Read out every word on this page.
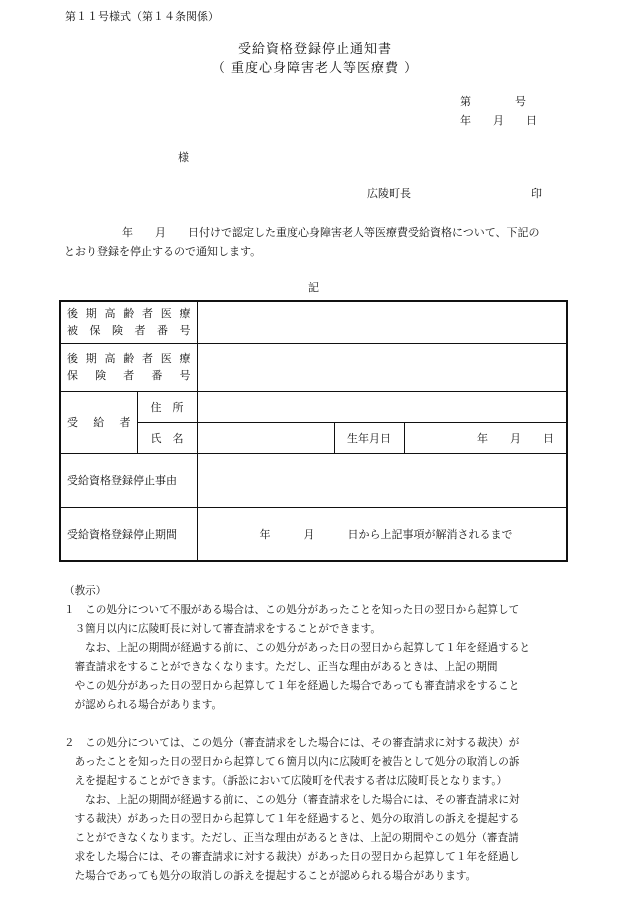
第１１号様式（第１４条関係）
受給資格登録停止通知書
（ 重度心身障害老人等医療費 ）
第　　　　号
年　　月　　日
様
広陵町長	印
年　　月　　日付けで認定した重度心身障害老人等医療費受給資格について、下記の
とおり登録を停止するので通知します。
記
後期高齢者医療
被保険者番号				

後期高齢者医療
保険者番号				

受給者	住　所			
	氏　名		生年月日	年　　月　　日
受給資格登録停止事由				
受給資格登録停止期間		年　　　月　　　日から上記事項が解消されるまで		

（教示）

１　この処分について不服がある場合は、この処分があったことを知った日の翌日から起算して

　３箇月以内に広陵町長に対して審査請求をすることができます。

　　なお、上記の期間が経過する前に、この処分があった日の翌日から起算して１年を経過すると

　審査請求をすることができなくなります。ただし、正当な理由があるときは、上記の期間

　やこの処分があった日の翌日から起算して１年を経過した場合であっても審査請求をすること

　が認められる場合があります。

２　この処分については、この処分（審査請求をした場合には、その審査請求に対する裁決）が

　あったことを知った日の翌日から起算して６箇月以内に広陵町を被告として処分の取消しの訴

　えを提起することができます。（訴訟において広陵町を代表する者は広陵町長となります。）

　　なお、上記の期間が経過する前に、この処分（審査請求をした場合には、その審査請求に対

　する裁決）があった日の翌日から起算して１年を経過すると、処分の取消しの訴えを提起する

　ことができなくなります。ただし、正当な理由があるときは、上記の期間やこの処分（審査請

　求をした場合には、その審査請求に対する裁決）があった日の翌日から起算して１年を経過し

　た場合であっても処分の取消しの訴えを提起することが認められる場合があります。
